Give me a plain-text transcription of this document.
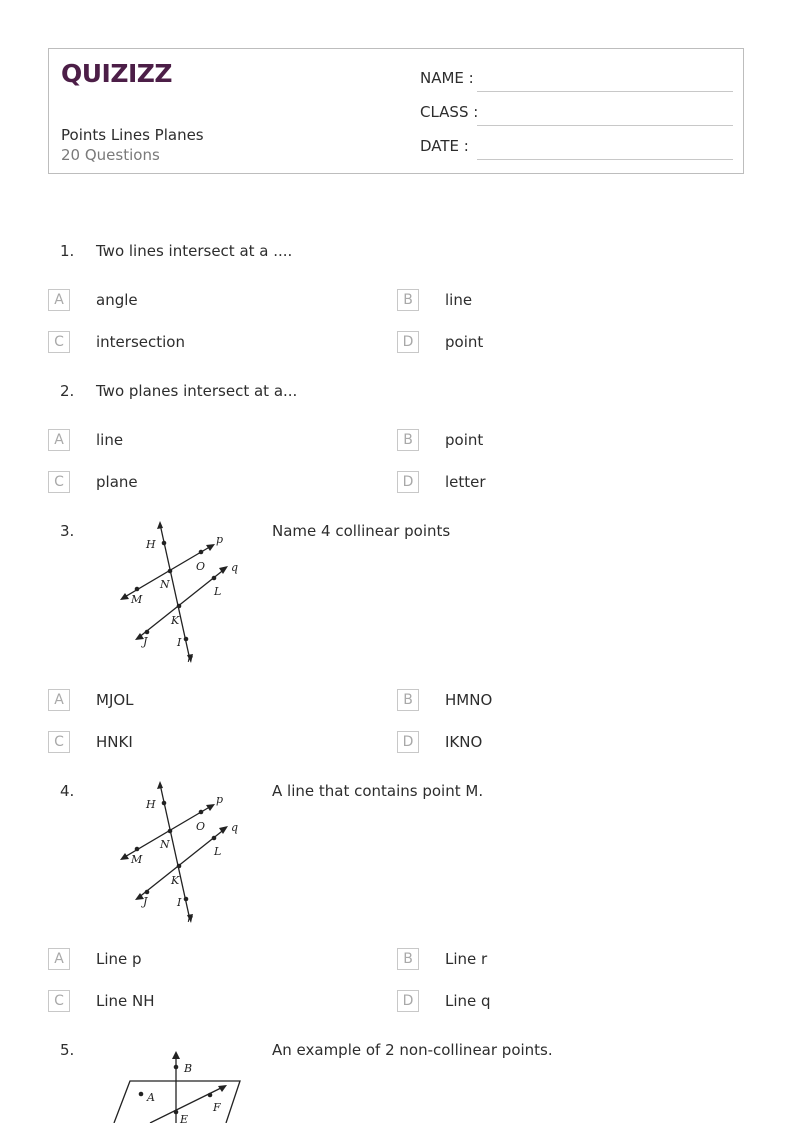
QUIZIZZ
Points Lines Planes
20 Questions
NAME :
CLASS :
DATE :
1. Two lines intersect at a ....
A	angle	B	line
C	intersection	D	point
2. Two planes intersect at a...
A	line	B	point
C	plane	D	letter
3.
H	p
O q
N
L
M
K
J	I
r
Name 4 collinear points
A	MJOL	B	HMNO
C	HNKI	D	IKNO
4.
H	p
O q
N
L
M
K
J	I
r
A line that contains point M.
A	Line p	B	Line r
C	Line NH	D	Line q
5.
B
A
F
E
An example of 2 non-collinear points.
